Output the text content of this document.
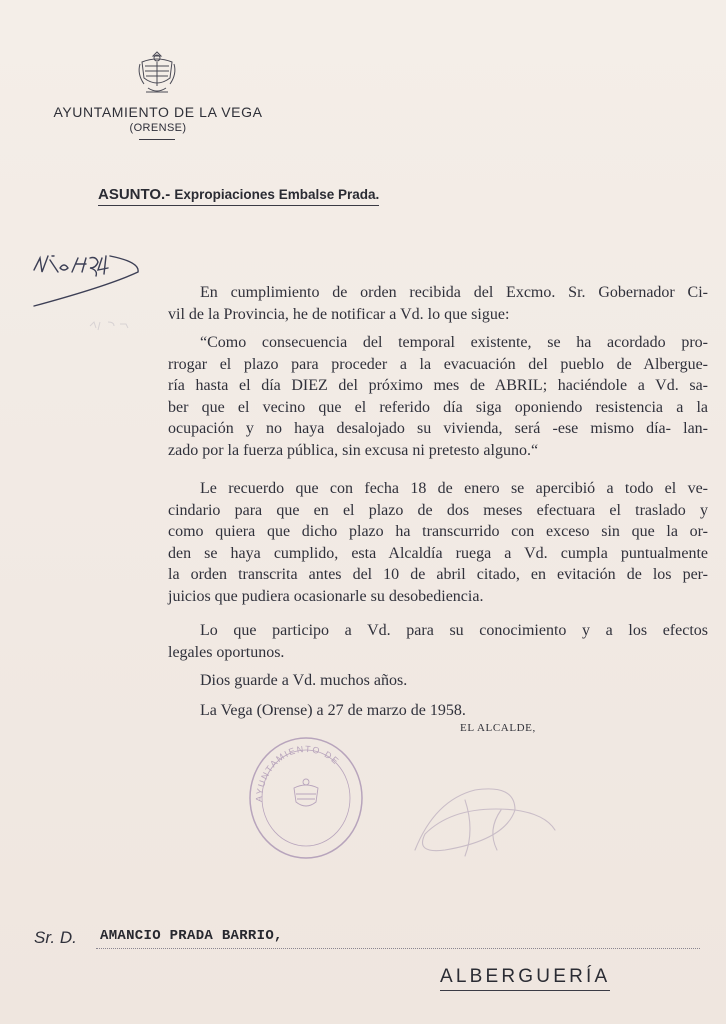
AYUNTAMIENTO DE LA VEGA
(ORENSE)
ASUNTO.- Expropiaciones Embalse Prada.
En cumplimiento de orden recibida del Excmo. Sr. Gobernador Ci-
vil de la Provincia, he de notificar a Vd. lo que sigue:
“Como consecuencia del temporal existente, se ha acordado pro-
rrogar el plazo para proceder a la evacuación del pueblo de Albergue-
ría hasta el día DIEZ del próximo mes de ABRIL; haciéndole a Vd. sa-
ber que el vecino que el referido día siga oponiendo resistencia a la
ocupación y no haya desalojado su vivienda, será -ese mismo día- lan-
zado por la fuerza pública, sin excusa ni pretesto alguno.“
Le recuerdo que con fecha 18 de enero se apercibió a todo el ve-
cindario para que en el plazo de dos meses efectuara el traslado y
como quiera que dicho plazo ha transcurrido con exceso sin que la or-
den se haya cumplido, esta Alcaldía ruega a Vd. cumpla puntualmente
la orden transcrita antes del 10 de abril citado, en evitación de los per-
juicios que pudiera ocasionarle su desobediencia.
Lo que participo a Vd. para su conocimiento y a los efectos
legales oportunos.
Dios guarde a Vd. muchos años.
La Vega (Orense) a 27 de marzo de 1958.
EL ALCALDE,
AYUNTAMIENTO DE
Sr. D. AMANCIO PRADA BARRIO,
ALBERGUERÍA
